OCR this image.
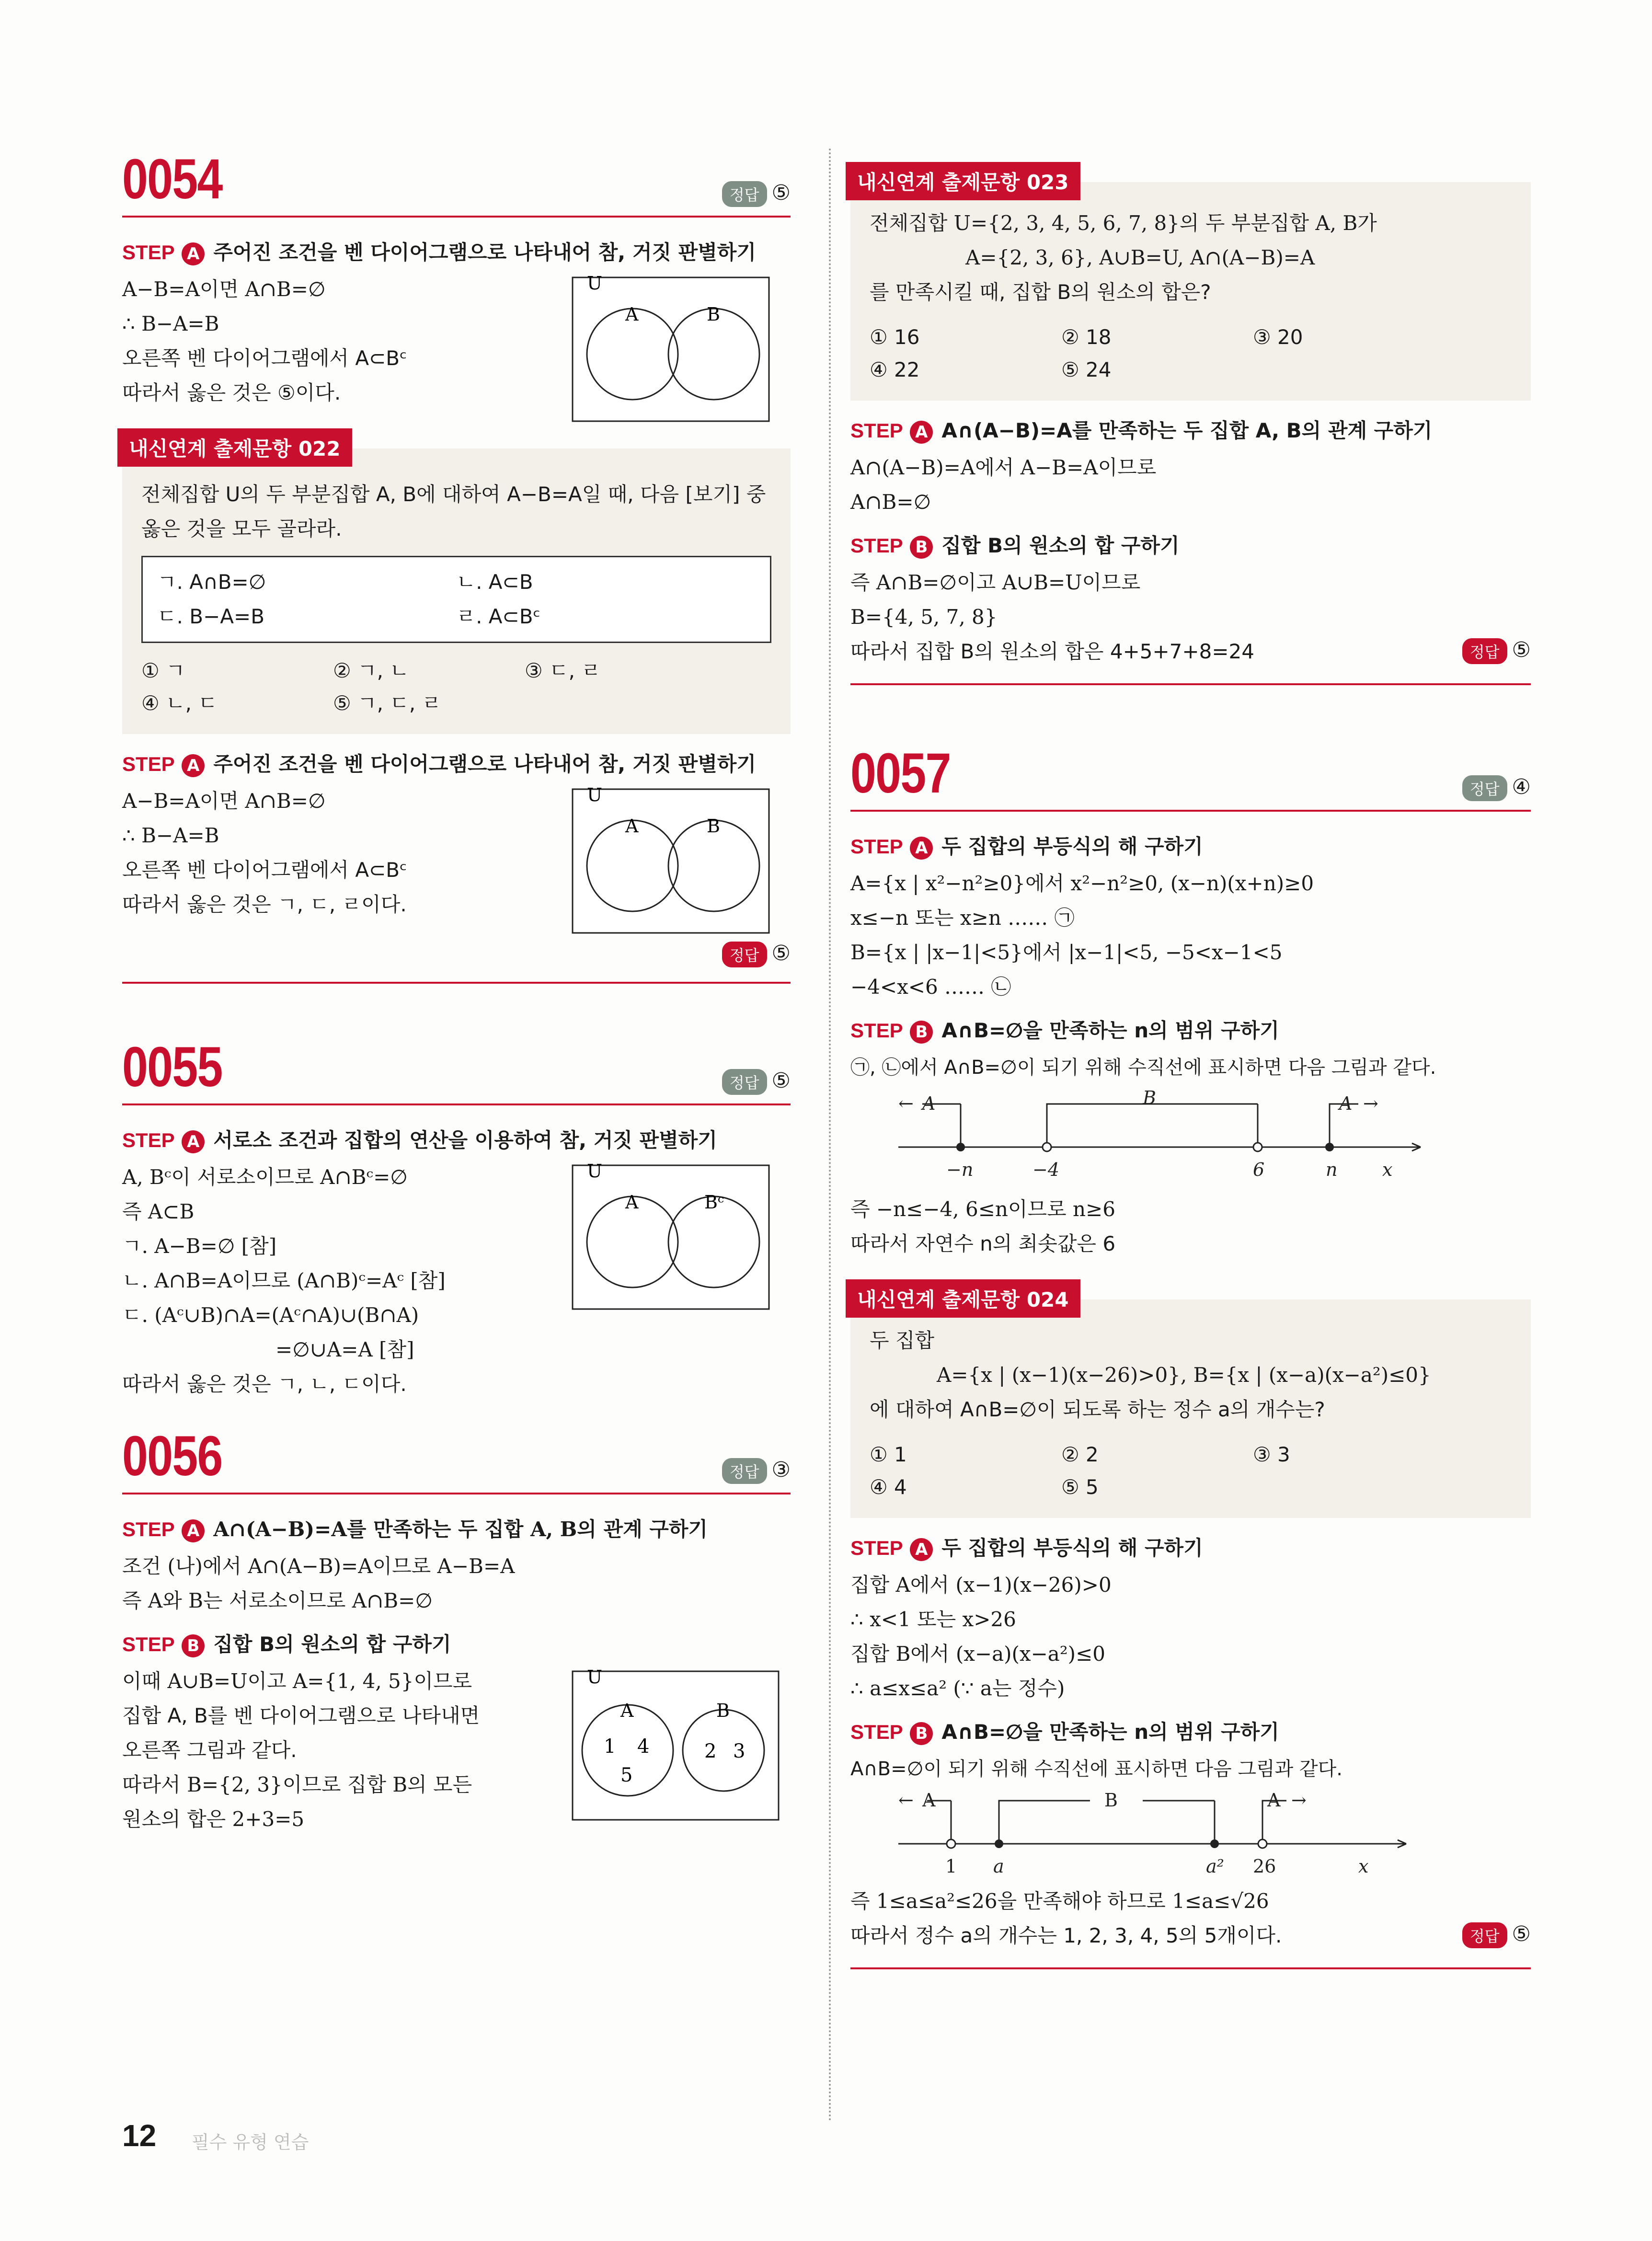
0054	정답 ⑤
STEP A 주어진 조건을 벤 다이어그램으로 나타내어 참, 거짓 판별하기
U
A	B
A−B=A이면 A∩B=∅
∴ B−A=B
오른쪽 벤 다이어그램에서 A⊂Bᶜ
따라서 옳은 것은 ⑤이다.
내신연계 출제문항 022
전체집합 U의 두 부분집합 A, B에 대하여 A−B=A일 때, 다음 [보기] 중
옳은 것을 모두 골라라.
ㄱ. A∩B=∅	ㄴ. A⊂B
ㄷ. B−A=B	ㄹ. A⊂Bᶜ
① ㄱ	② ㄱ, ㄴ	③ ㄷ, ㄹ
④ ㄴ, ㄷ	⑤ ㄱ, ㄷ, ㄹ
STEP A 주어진 조건을 벤 다이어그램으로 나타내어 참, 거짓 판별하기
U
A	B
A−B=A이면 A∩B=∅
∴ B−A=B
오른쪽 벤 다이어그램에서 A⊂Bᶜ
따라서 옳은 것은 ㄱ, ㄷ, ㄹ이다.
정답 ⑤
0055	정답 ⑤
STEP A 서로소 조건과 집합의 연산을 이용하여 참, 거짓 판별하기
U
A	Bᶜ
A, Bᶜ이 서로소이므로 A∩Bᶜ=∅
즉 A⊂B
ㄱ. A−B=∅ [참]
ㄴ. A∩B=A이므로 (A∩B)ᶜ=Aᶜ [참]
ㄷ. (Aᶜ∪B)∩A=(Aᶜ∩A)∪(B∩A)
=∅∪A=A [참]
따라서 옳은 것은 ㄱ, ㄴ, ㄷ이다.
0056	정답 ③
STEP A A∩(A−B)=A를 만족하는 두 집합 A, B의 관계 구하기
조건 (나)에서 A∩(A−B)=A이므로 A−B=A
즉 A와 B는 서로소이므로 A∩B=∅
STEP B 집합 B의 원소의 합 구하기
U
A	B
1 4
5
2 3
이때 A∪B=U이고 A={1, 4, 5}이므로
집합 A, B를 벤 다이어그램으로 나타내면
오른쪽 그림과 같다.
따라서 B={2, 3}이므로 집합 B의 모든
원소의 합은 2+3=5
내신연계 출제문항 023
전체집합 U={2, 3, 4, 5, 6, 7, 8}의 두 부분집합 A, B가
A={2, 3, 6}, A∪B=U, A∩(A−B)=A
를 만족시킬 때, 집합 B의 원소의 합은?
① 16	② 18	③ 20
④ 22	⑤ 24
STEP A A∩(A−B)=A를 만족하는 두 집합 A, B의 관계 구하기
A∩(A−B)=A에서 A−B=A이므로
A∩B=∅
STEP B 집합 B의 원소의 합 구하기
즉 A∩B=∅이고 A∪B=U이므로
B={4, 5, 7, 8}
따라서 집합 B의 원소의 합은 4+5+7+8=24	정답 ⑤
0057	정답 ④
STEP A 두 집합의 부등식의 해 구하기
A={x | x²−n²≥0}에서 x²−n²≥0, (x−n)(x+n)≥0
x≤−n 또는 x≥n …… ㉠
B={x | |x−1|<5}에서 |x−1|<5, −5<x−1<5
−4<x<6 …… ㉡
STEP B A∩B=∅을 만족하는 n의 범위 구하기
㉠, ㉡에서 A∩B=∅이 되기 위해 수직선에 표시하면 다음 그림과 같다.
← A	B	A →
−n	−4	6	n x
즉 −n≤−4, 6≤n이므로 n≥6
따라서 자연수 n의 최솟값은 6
내신연계 출제문항 024
두 집합
A={x | (x−1)(x−26)>0}, B={x | (x−a)(x−a²)≤0}
에 대하여 A∩B=∅이 되도록 하는 정수 a의 개수는?
① 1	② 2	③ 3
④ 4	⑤ 5
STEP A 두 집합의 부등식의 해 구하기
집합 A에서 (x−1)(x−26)>0
∴ x<1 또는 x>26
집합 B에서 (x−a)(x−a²)≤0
∴ a≤x≤a² (∵ a는 정수)
STEP B A∩B=∅을 만족하는 n의 범위 구하기
A∩B=∅이 되기 위해 수직선에 표시하면 다음 그림과 같다.
← A	B	A →
1 a	a² 26	x
즉 1≤a≤a²≤26을 만족해야 하므로 1≤a≤√26
따라서 정수 a의 개수는 1, 2, 3, 4, 5의 5개이다.	정답 ⑤
12 필수 유형 연습
